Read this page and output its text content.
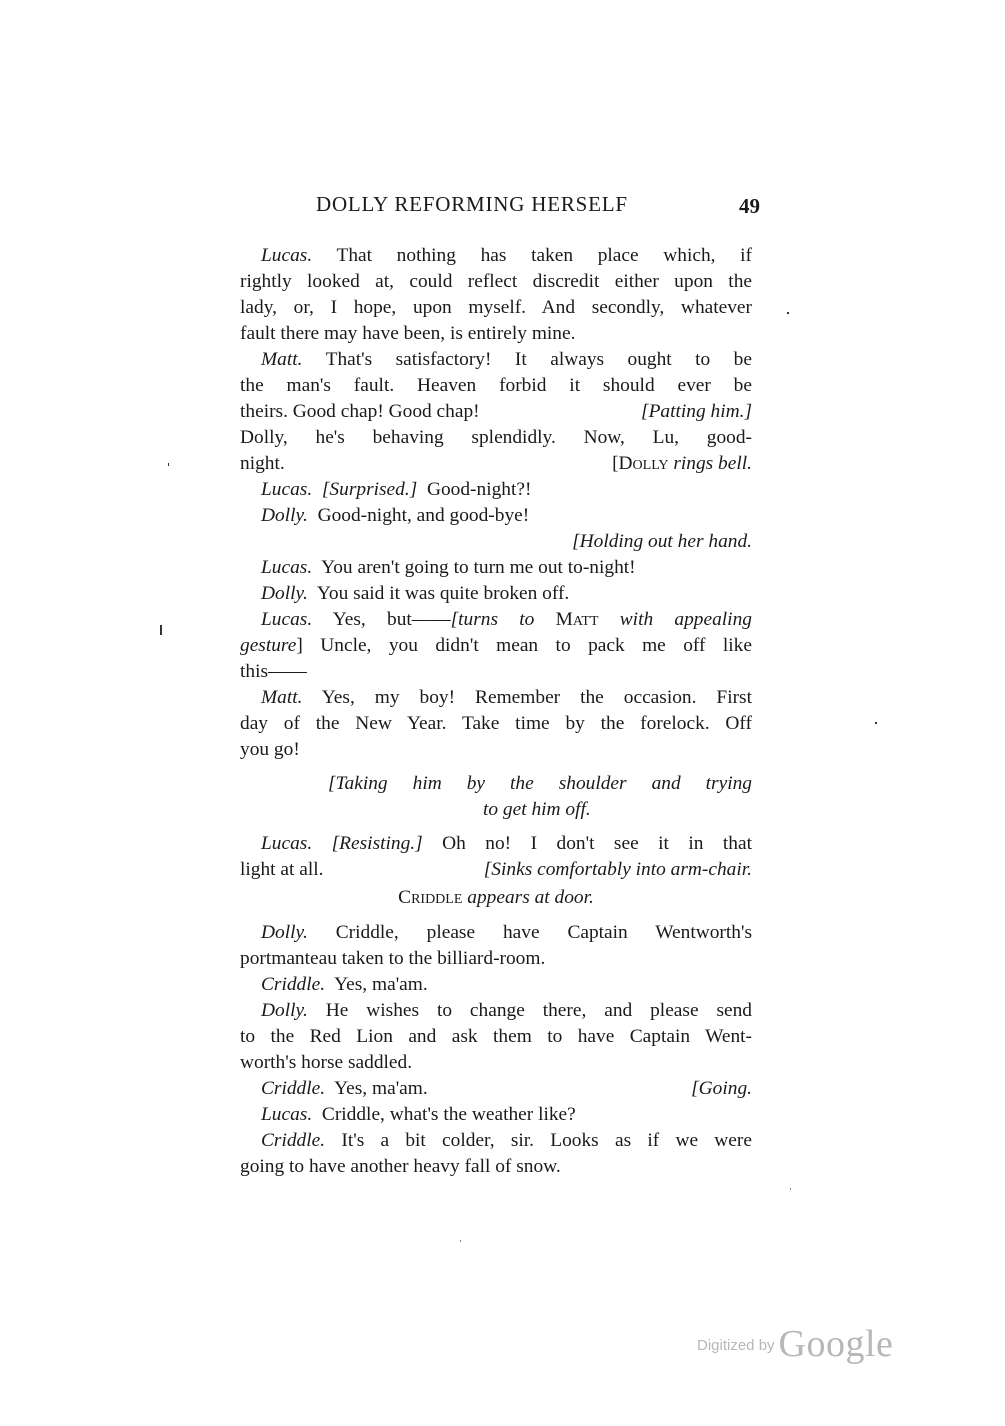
DOLLY REFORMING HERSELF	49
Lucas. That nothing has taken place which, if
rightly looked at, could reflect discredit either upon the
lady, or, I hope, upon myself. And secondly, whatever
fault there may have been, is entirely mine.
Matt. That's satisfactory! It always ought to be
the man's fault. Heaven forbid it should ever be
theirs. Good chap! Good chap!	[Patting him.]
Dolly, he's behaving splendidly. Now, Lu, good-
night.	[Dolly rings bell.
Lucas. [Surprised.] Good-night?!
Dolly. Good-night, and good-bye!
[Holding out her hand.
Lucas. You aren't going to turn me out to-night!
Dolly. You said it was quite broken off.
Lucas. Yes, but——[turns to Matt with appealing
gesture] Uncle, you didn't mean to pack me off like
this——
Matt. Yes, my boy! Remember the occasion. First
day of the New Year. Take time by the forelock. Off
you go!
[Taking him by the shoulder and trying
to get him off.
Lucas. [Resisting.] Oh no! I don't see it in that
light at all.	[Sinks comfortably into arm-chair.
Criddle appears at door.
Dolly. Criddle, please have Captain Wentworth's
portmanteau taken to the billiard-room.
Criddle. Yes, ma'am.
Dolly. He wishes to change there, and please send
to the Red Lion and ask them to have Captain Went-
worth's horse saddled.
Criddle. Yes, ma'am.	[Going.
Lucas. Criddle, what's the weather like?
Criddle. It's a bit colder, sir. Looks as if we were
going to have another heavy fall of snow.
Digitized by Google
